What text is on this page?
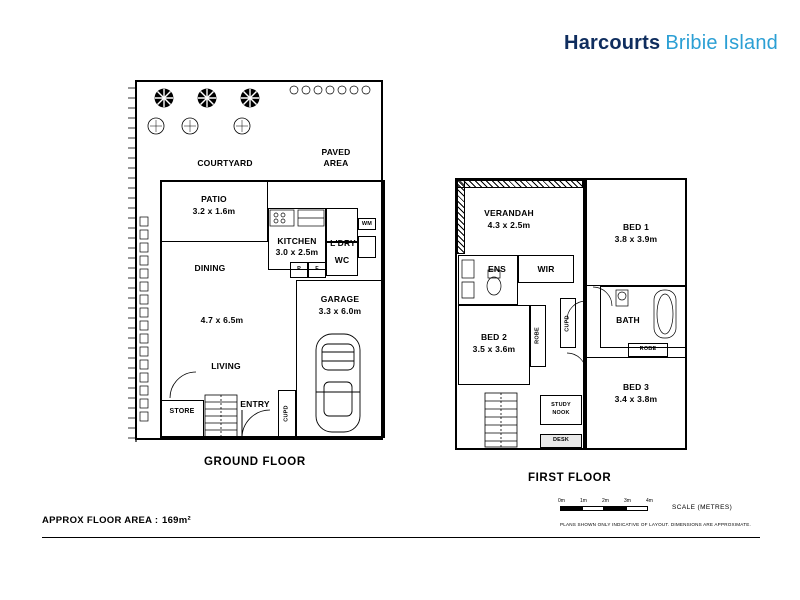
Harcourts Bribie Island
COURTYARD
PAVED
AREA
PATIO
3.2 x 1.6m
KITCHEN
3.0 x 2.5m
L'DRY
WC
WM
P	F
DINING
4.7 x 6.5m
LIVING
GARAGE
3.3 x 6.0m
ENTRY
STORE	CUPD
GROUND FLOOR
VERANDAH
4.3 x 2.5m	BED 1
3.8 x 3.9m
ENS	WIR
BATH
ROBE
BED 2
3.5 x 3.6m
ROBE
CUPD
BED 3
3.4 x 3.8m
STUDY
NOOK
DESK
FIRST FLOOR
APPROX FLOOR AREA : 169m²
0m	1m	2m	3m	4m
SCALE (METRES)
PLANS SHOWN ONLY INDICATIVE OF LAYOUT. DIMENSIONS ARE APPROXIMATE.
